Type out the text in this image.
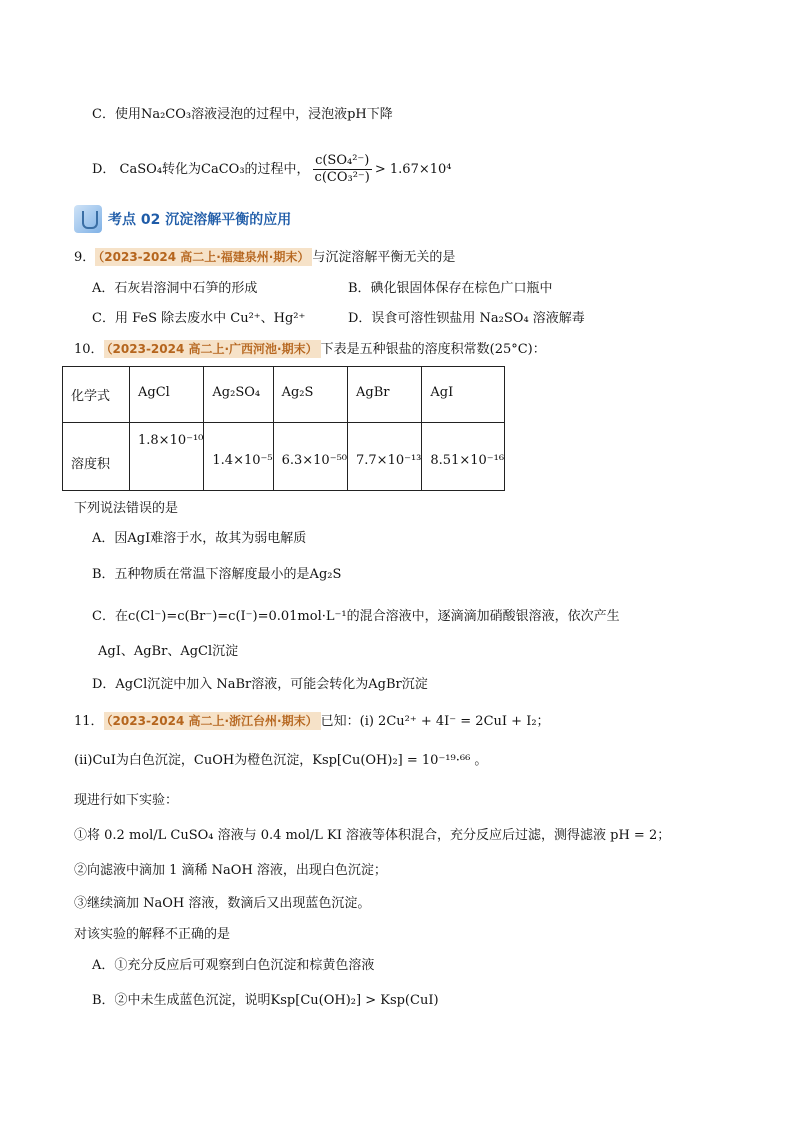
C．使用Na₂CO₃溶液浸泡的过程中，浸泡液pH下降
D． CaSO₄转化为CaCO₃的过程中， $\frac{\text{c(SO₄²⁻)}}{\text{c(CO₃²⁻)}} > 1.67\times 10^4$
考点 02 沉淀溶解平衡的应用
9． （2023-2024 高二上·福建泉州·期末） 与沉淀溶解平衡无关的是
A．石灰岩溶洞中石笋的形成	B．碘化银固体保存在棕色广口瓶中
C．用 FeS 除去废水中 Cu²⁺、Hg²⁺	D．误食可溶性钡盐用 Na₂SO₄ 溶液解毒
10． （2023-2024 高二上·广西河池·期末） 下表是五种银盐的溶度积常数(25°C)：
化学式	AgCl	Ag₂SO₄	Ag₂S	AgBr	AgI
溶度积	1.8×10⁻¹⁰	1.4×10⁻⁵	6.3×10⁻⁵⁰	7.7×10⁻¹³	8.51×10⁻¹⁶
下列说法错误的是
A．因AgI难溶于水，故其为弱电解质
B．五种物质在常温下溶解度最小的是Ag₂S
C．在c(Cl⁻)=c(Br⁻)=c(I⁻)=0.01mol·L⁻¹的混合溶液中，逐滴滴加硝酸银溶液，依次产生
AgI、AgBr、AgCl沉淀
D．AgCl沉淀中加入 NaBr溶液，可能会转化为AgBr沉淀
11． （2023-2024 高二上·浙江台州·期末） 已知：(i) 2Cu²⁺ + 4I⁻ = 2CuI + I₂；
(ii)CuI为白色沉淀，CuOH为橙色沉淀，Ksp[Cu(OH)₂] = 10⁻¹⁹·⁶⁶ 。
现进行如下实验：
①将 0.2 mol/L CuSO₄ 溶液与 0.4 mol/L KI 溶液等体积混合，充分反应后过滤，测得滤液 pH = 2；
②向滤液中滴加 1 滴稀 NaOH 溶液，出现白色沉淀；
③继续滴加 NaOH 溶液，数滴后又出现蓝色沉淀。
对该实验的解释不正确的是
A．①充分反应后可观察到白色沉淀和棕黄色溶液
B．②中未生成蓝色沉淀，说明Ksp[Cu(OH)₂] > Ksp(CuI)
